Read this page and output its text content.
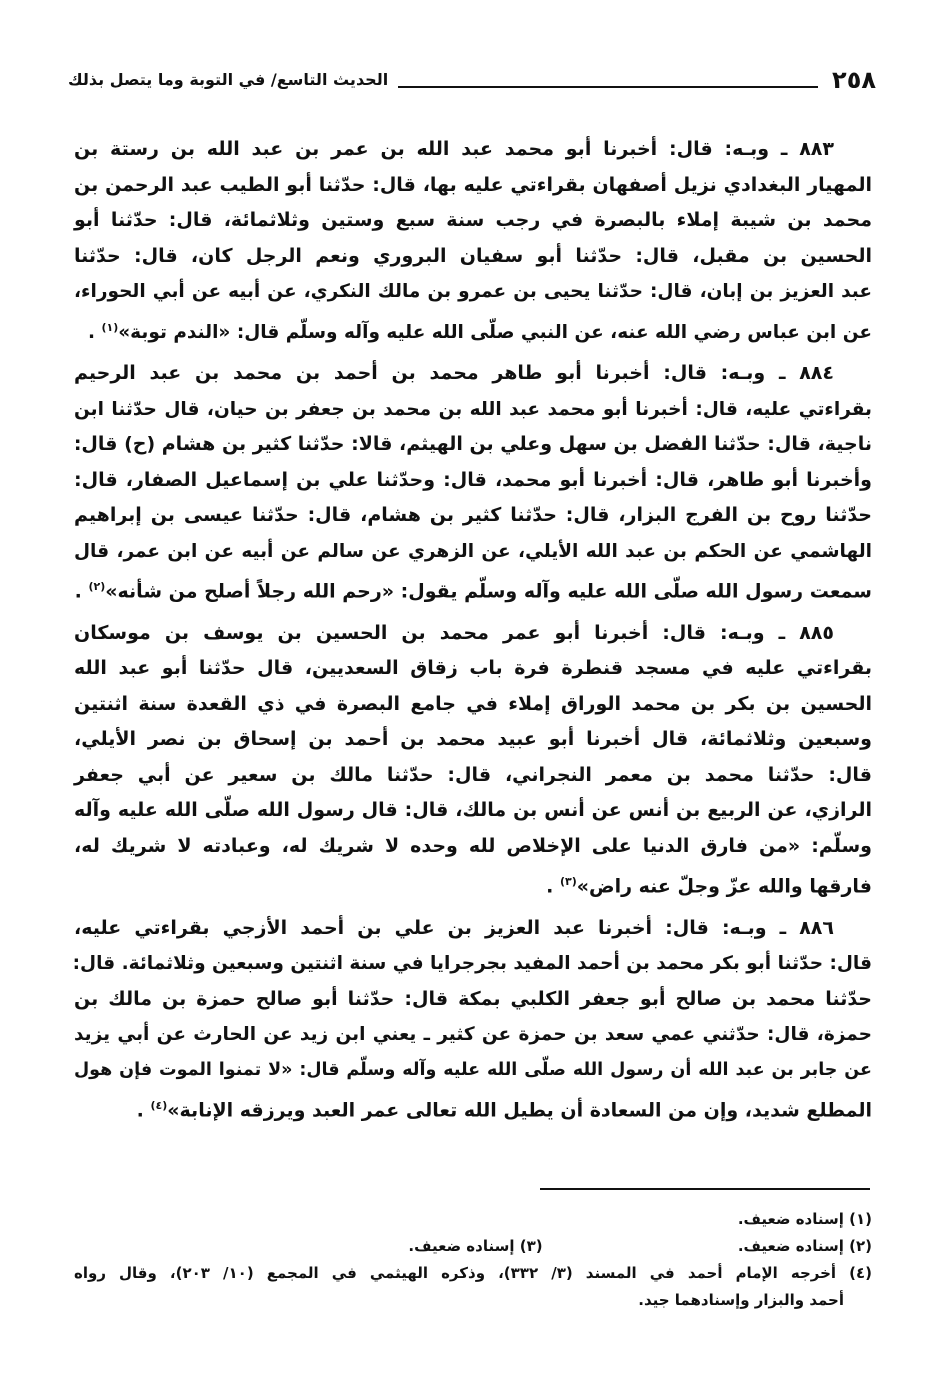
٢٥٨
الحديث التاسع/ في التوبة وما يتصل بذلك
٨٨٣ ـ وبـه: قال: أخبرنا أبو محمد عبد الله بن عمر بن عبد الله بن رستة بن
المهيار البغدادي نزيل أصفهان بقراءتي عليه بها، قال: حدّثنا أبو الطيب عبد الرحمن بن
محمد بن شيبة إملاء بالبصرة في رجب سنة سبع وستين وثلاثمائة، قال: حدّثنا أبو
الحسين بن مقبل، قال: حدّثنا أبو سفيان البروري ونعم الرجل كان، قال: حدّثنا
عبد العزيز بن إبان، قال: حدّثنا يحيى بن عمرو بن مالك النكري، عن أبيه عن أبي الحوراء،
عن ابن عباس رضي الله عنه، عن النبي صلّى الله عليه وآله وسلّم قال: «الندم توبة»$^{(١)}$ .
٨٨٤ ـ وبـه: قال: أخبرنا أبو طاهر محمد بن أحمد بن محمد بن عبد الرحيم
بقراءتي عليه، قال: أخبرنا أبو محمد عبد الله بن محمد بن جعفر بن حيان، قال حدّثنا ابن
ناجية، قال: حدّثنا الفضل بن سهل وعلي بن الهيثم، قالا: حدّثنا كثير بن هشام (ح) قال:
وأخبرنا أبو طاهر، قال: أخبرنا أبو محمد، قال: وحدّثنا علي بن إسماعيل الصفار، قال:
حدّثنا روح بن الفرج البزار، قال: حدّثنا كثير بن هشام، قال: حدّثنا عيسى بن إبراهيم
الهاشمي عن الحكم بن عبد الله الأيلي، عن الزهري عن سالم عن أبيه عن ابن عمر، قال
سمعت رسول الله صلّى الله عليه وآله وسلّم يقول: «رحم الله رجلاً أصلح من شأنه»$^{(٢)}$ .
٨٨٥ ـ وبـه: قال: أخبرنا أبو عمر محمد بن الحسين بن يوسف بن موسكان
بقراءتي عليه في مسجد قنطرة فرة باب زقاق السعديين، قال حدّثنا أبو عبد الله
الحسين بن بكر بن محمد الوراق إملاء في جامع البصرة في ذي القعدة سنة اثنتين
وسبعين وثلاثمائة، قال أخبرنا أبو عبيد محمد بن أحمد بن إسحاق بن نصر الأيلي،
قال: حدّثنا محمد بن معمر النجراني، قال: حدّثنا مالك بن سعير عن أبي جعفر
الرازي، عن الربيع بن أنس عن أنس بن مالك، قال: قال رسول الله صلّى الله عليه وآله
وسلّم: «من فارق الدنيا على الإخلاص لله وحده لا شريك له، وعبادته لا شريك له،
فارقها والله عزّ وجلّ عنه راض»$^{(٣)}$ .
٨٨٦ ـ وبـه: قال: أخبرنا عبد العزيز بن علي بن أحمد الأزجي بقراءتي عليه،
قال: حدّثنا أبو بكر محمد بن أحمد المفيد بجرجرايا في سنة اثنتين وسبعين وثلاثمائة. قال:
حدّثنا محمد بن صالح أبو جعفر الكلبي بمكة قال: حدّثنا أبو صالح حمزة بن مالك بن
حمزة، قال: حدّثني عمي سعد بن حمزة عن كثير ـ يعني ابن زيد عن الحارث عن أبي يزيد
عن جابر بن عبد الله أن رسول الله صلّى الله عليه وآله وسلّم قال: «لا تمنوا الموت فإن هول
المطلع شديد، وإن من السعادة أن يطيل الله تعالى عمر العبد ويرزقه الإنابة»$^{(٤)}$ .
(١) إسناده ضعيف.
(٢) إسناده ضعيف. (٣) إسناده ضعيف.
(٤) أخرجه الإمام أحمد في المسند (٣/ ٣٣٢)، وذكره الهيثمي في المجمع (١٠/ ٢٠٣)، وقال رواه
أحمد والبزار وإسنادهما جيد.
